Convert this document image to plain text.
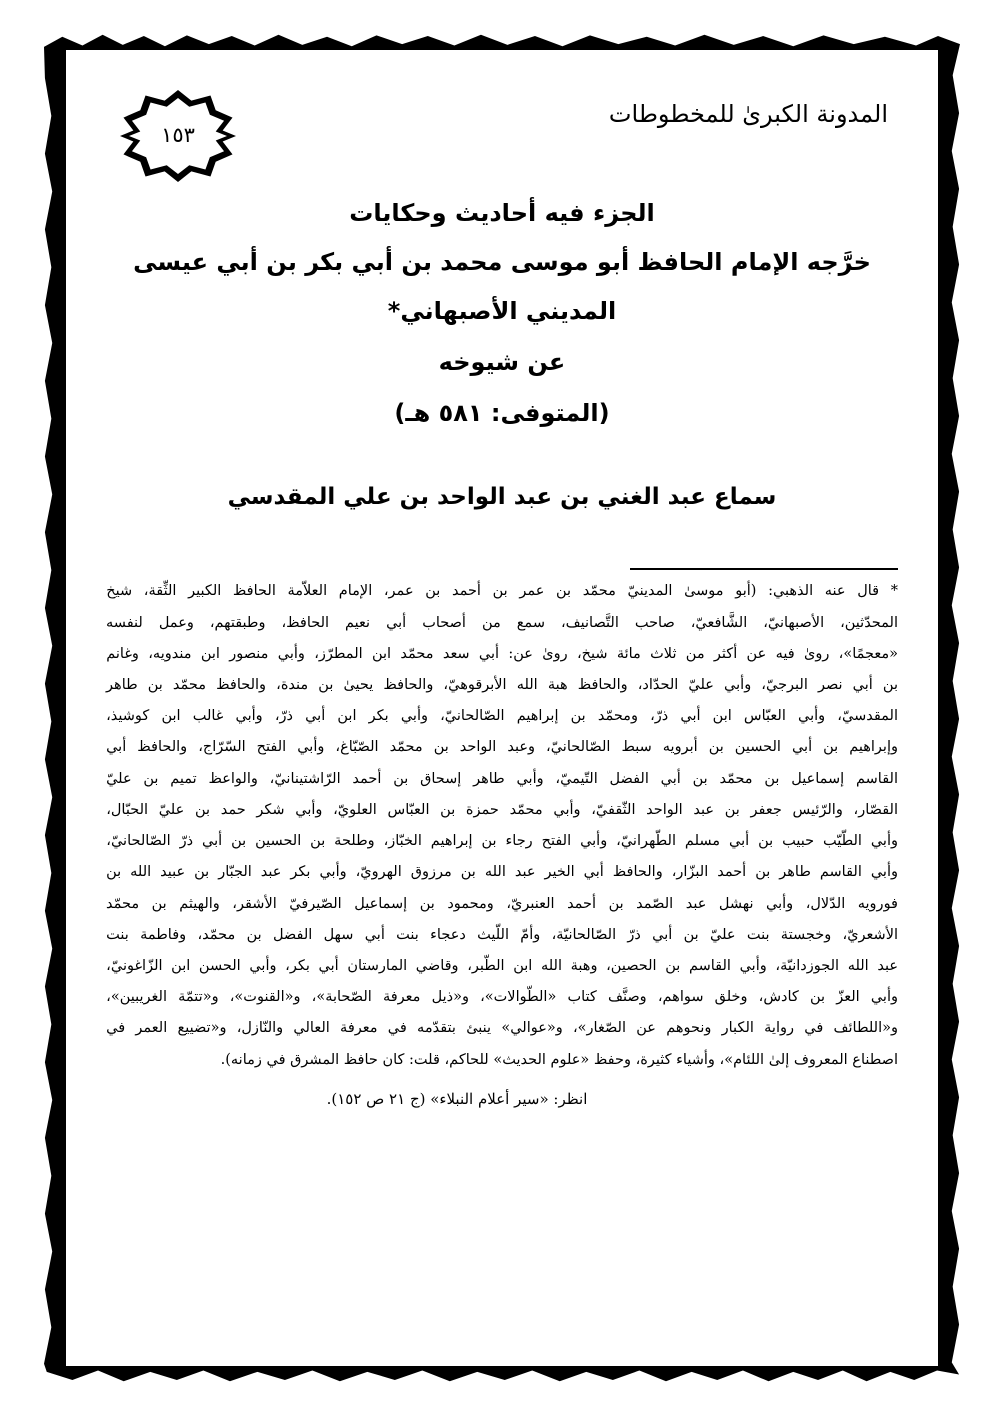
١٥٣
المدونة الكبرىٰ للمخطوطات
الجزء فيه أحاديث وحكايات
خرَّجه الإمام الحافظ أبو موسى محمد بن أبي بكر بن أبي عيسى
المديني الأصبهاني*
عن شيوخه
(المتوفى: ٥٨١ هـ)
سماع عبد الغني بن عبد الواحد بن علي المقدسي
*
قال
عنه
الذهبي:
(أبو
موسىٰ
المدينيّ
محمّد
بن
عمر
بن
أحمد
بن
عمر،
الإمام
العلاّمة
الحافظ
الكبير
الثِّقة،
شيخ
المحدّثين،
الأصبهانيّ،
الشَّافعيّ،
صاحب
التَّصانيف،
سمع
من
أصحاب
أبي
نعيم
الحافظ،
وطبقتهم،
وعمل
لنفسه
«معجمًا»،
روىٰ
فيه
عن
أكثر
من
ثلاث
مائة
شيخ،
روىٰ
عن:
أبي
سعد
محمّد
ابن
المطرّز،
وأبي
منصور
ابن
مندويه،
وغانم
بن
أبي
نصر
البرجيّ،
وأبي
عليّ
الحدّاد،
والحافظ
هبة
الله
الأبرقوهيّ،
والحافظ
يحيىٰ
بن
مندة،
والحافظ
محمّد
بن
طاهر
المقدسيّ،
وأبي
العبّاس
ابن
أبي
ذرّ،
ومحمّد
بن
إبراهيم
الصّالحانيّ،
وأبي
بكر
ابن
أبي
ذرّ،
وأبي
غالب
ابن
كوشيذ،
وإبراهيم
بن
أبي
الحسين
بن
أبرويه
سبط
الصّالحانيّ،
وعبد
الواحد
بن
محمّد
الصّبّاغ،
وأبي
الفتح
السّرّاج،
والحافظ
أبي
القاسم
إسماعيل
بن
محمّد
بن
أبي
الفضل
التّيميّ،
وأبي
طاهر
إسحاق
بن
أحمد
الرّاشتينانيّ،
والواعظ
تميم
بن
عليّ
القصّار،
والرّئيس
جعفر
بن
عبد
الواحد
الثّقفيّ،
وأبي
محمّد
حمزة
بن
العبّاس
العلويّ،
وأبي
شكر
حمد
بن
عليّ
الحبّال،
وأبي
الطّيّب
حبيب
بن
أبي
مسلم
الطّهرانيّ،
وأبي
الفتح
رجاء
بن
إبراهيم
الخبّاز،
وطلحة
بن
الحسين
بن
أبي
ذرّ
الصّالحانيّ،
وأبي
القاسم
طاهر
بن
أحمد
البزّار،
والحافظ
أبي
الخير
عبد
الله
بن
مرزوق
الهرويّ،
وأبي
بكر
عبد
الجبّار
بن
عبيد
الله
بن
فورويه
الدّلال،
وأبي
نهشل
عبد
الصّمد
بن
أحمد
العنبريّ،
ومحمود
بن
إسماعيل
الصّيرفيّ
الأشقر،
والهيثم
بن
محمّد
الأشعريّ،
وخجستة
بنت
عليّ
بن
أبي
ذرّ
الصّالحانيّة،
وأمّ
اللّيث
دعجاء
بنت
أبي
سهل
الفضل
بن
محمّد،
وفاطمة
بنت
عبد
الله
الجوزدانيّة،
وأبي
القاسم
بن
الحصين،
وهبة
الله
ابن
الطّبر،
وقاضي
المارستان
أبي
بكر،
وأبي
الحسن
ابن
الزّاغونيّ،
وأبي
العزّ
بن
كادش،
وخلق
سواهم،
وصنَّف
كتاب
«الطّوالات»،
و«ذيل
معرفة
الصّحابة»،
و«القنوت»،
و«تتمّة
الغريبين»،
و«اللطائف
في
رواية
الكبار
ونحوهم
عن
الصّغار»،
و«عوالي»
ينبئ
بتقدّمه
في
معرفة
العالي
والنّازل،
و«تضييع
العمر
في
اصطناع المعروف إلىٰ اللئام»، وأشياء كثيرة، وحفظ «علوم الحديث» للحاكم، قلت: كان حافظ المشرق في زمانه).
انظر: «سير أعلام النبلاء» (ج ٢١ ص ١٥٢).
